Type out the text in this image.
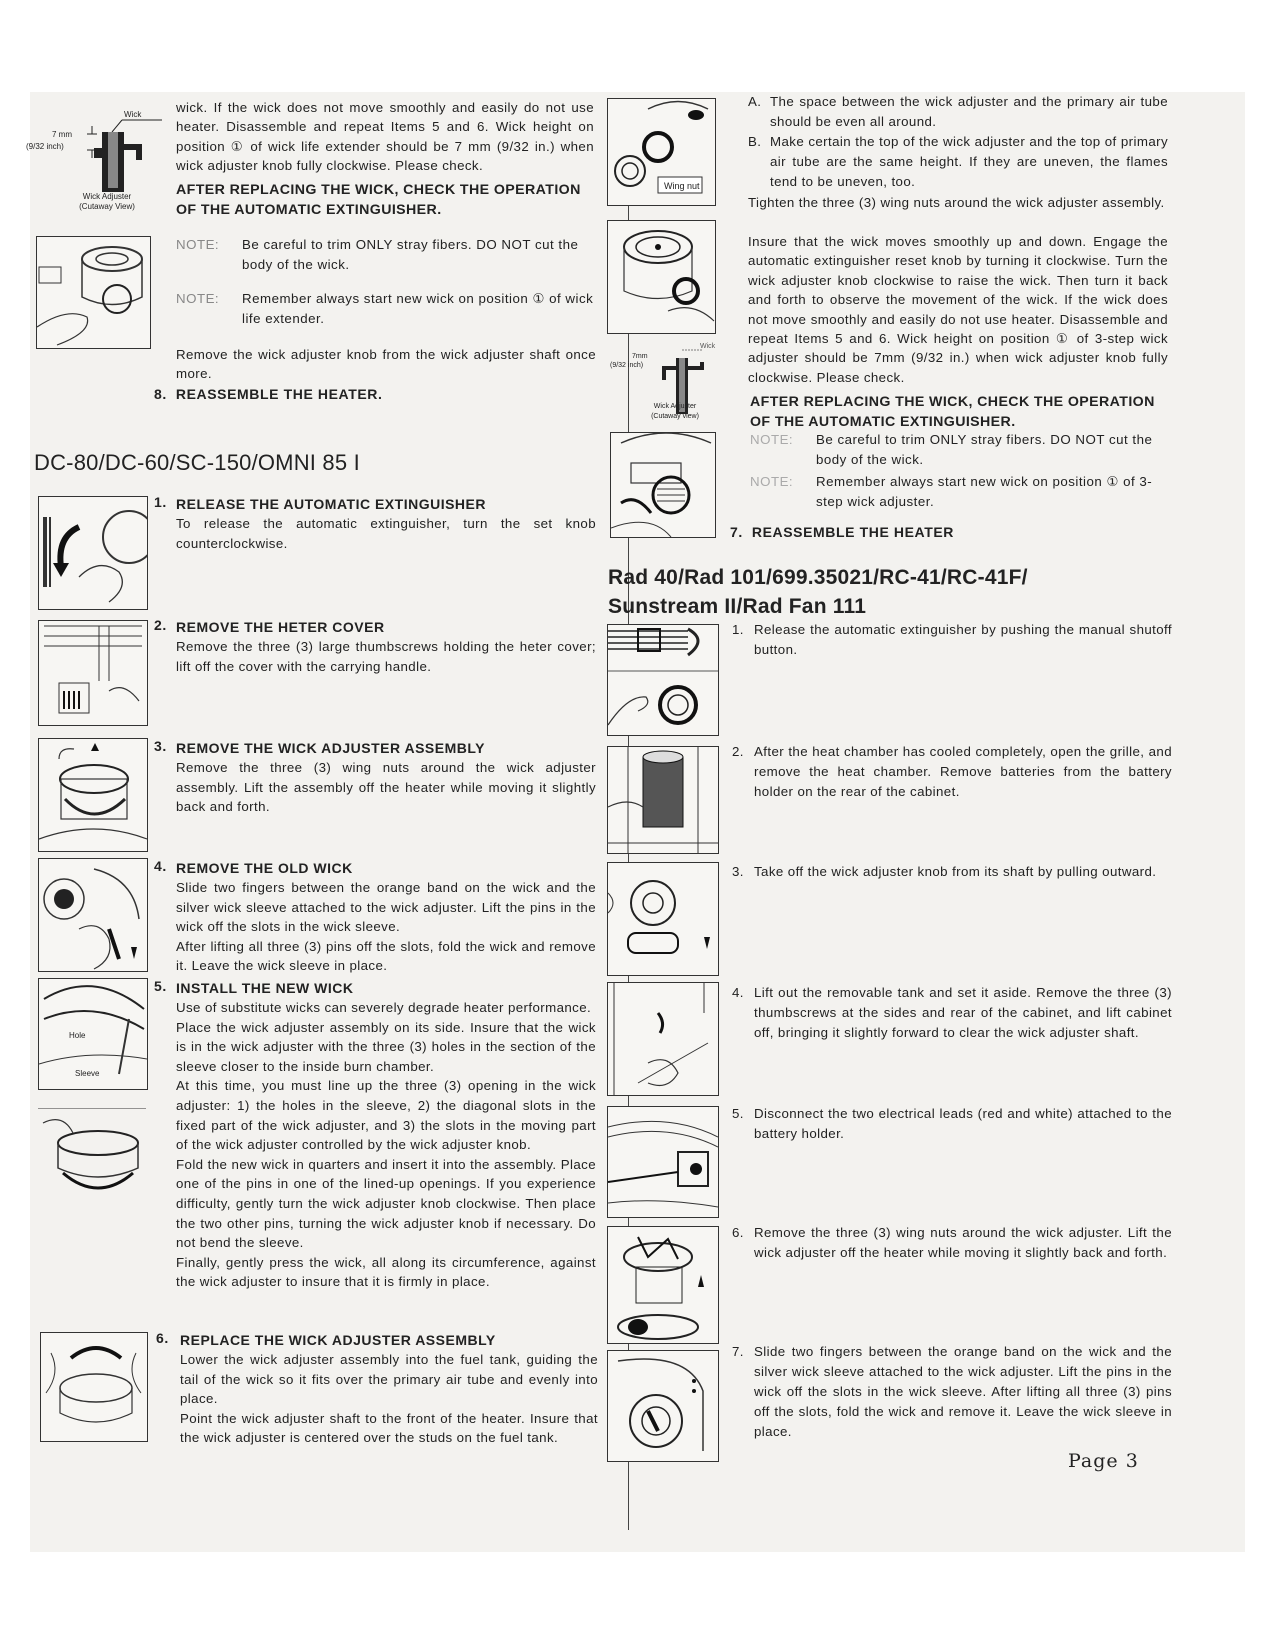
Wick
7 mm
(9/32 inch)
Wick Adjuster
(Cutaway View)
wick. If the wick does not move smoothly and easily do not use heater. Disassemble and repeat Items 5 and 6. Wick height on position ① of wick life extender should be 7 mm (9/32 in.) when wick adjuster knob fully clockwise. Please check.
AFTER REPLACING THE WICK, CHECK THE OPERATION OF THE AUTOMATIC EXTINGUISHER.
NOTE:	Be careful to trim ONLY stray fibers. DO NOT cut the body of the wick.
NOTE:	Remember always start new wick on position ① of wick life extender.
Remove the wick adjuster knob from the wick adjuster shaft once more.
8. REASSEMBLE THE HEATER.
DC-80/DC-60/SC-150/OMNI 85 I
1. RELEASE THE AUTOMATIC EXTINGUISHER
To release the automatic extinguisher, turn the set knob counterclockwise.
2. REMOVE THE HETER COVER
Remove the three (3) large thumbscrews holding the heter cover; lift off the cover with the carrying handle.
3. REMOVE THE WICK ADJUSTER ASSEMBLY
Remove the three (3) wing nuts around the wick adjuster assembly. Lift the assembly off the heater while moving it slightly back and forth.
4. REMOVE THE OLD WICK
Slide two fingers between the orange band on the wick and the silver wick sleeve attached to the wick adjuster. Lift the pins in the wick off the slots in the wick sleeve.
After lifting all three (3) pins off the slots, fold the wick and remove it. Leave the wick sleeve in place.
Hole
Sleeve
5. INSTALL THE NEW WICK
Use of substitute wicks can severely degrade heater performance.
Place the wick adjuster assembly on its side. Insure that the wick is in the wick adjuster with the three (3) holes in the section of the sleeve closer to the inside burn chamber.
At this time, you must line up the three (3) opening in the wick adjuster: 1) the holes in the sleeve, 2) the diagonal slots in the fixed part of the wick adjuster, and 3) the slots in the moving part of the wick adjuster controlled by the wick adjuster knob.
Fold the new wick in quarters and insert it into the assembly. Place one of the pins in one of the lined-up openings. If you experience difficulty, gently turn the wick adjuster knob clockwise. Then place the two other pins, turning the wick adjuster knob if necessary. Do not bend the sleeve.
Finally, gently press the wick, all along its circumference, against the wick adjuster to insure that it is firmly in place.
6. REPLACE THE WICK ADJUSTER ASSEMBLY
Lower the wick adjuster assembly into the fuel tank, guiding the tail of the wick so it fits over the primary air tube and evenly into place.
Point the wick adjuster shaft to the front of the heater. Insure that the wick adjuster is centered over the studs on the fuel tank.
Wing nut
A. The space between the wick adjuster and the primary air tube should be even all around.
B. Make certain the top of the wick adjuster and the top of primary air tube are the same height. If they are uneven, the flames tend to be uneven, too.
Tighten the three (3) wing nuts around the wick adjuster assembly.
Insure that the wick moves smoothly up and down. Engage the automatic extinguisher reset knob by turning it clockwise. Turn the wick adjuster knob clockwise to raise the wick. Then turn it back and forth to observe the movement of the wick. If the wick does not move smoothly and easily do not use heater. Disassemble and repeat Items 5 and 6. Wick height on position ① of 3-step wick adjuster should be 7mm (9/32 in.) when wick adjuster knob fully clockwise. Please check.
Wick
7mm
(9/32 inch)
Wick Adjuster
(Cutaway view)
AFTER REPLACING THE WICK, CHECK THE OPERATION OF THE AUTOMATIC EXTINGUISHER.
NOTE:	Be careful to trim ONLY stray fibers. DO NOT cut the body of the wick.
NOTE:	Remember always start new wick on position ① of 3-step wick adjuster.
7. REASSEMBLE THE HEATER
Rad 40/Rad 101/699.35021/RC-41/RC-41F/
Sunstream II/Rad Fan 111
1. Release the automatic extinguisher by pushing the manual shutoff button.
2. After the heat chamber has cooled completely, open the grille, and remove the heat chamber. Remove batteries from the battery holder on the rear of the cabinet.
3. Take off the wick adjuster knob from its shaft by pulling outward.
4. Lift out the removable tank and set it aside. Remove the three (3) thumbscrews at the sides and rear of the cabinet, and lift cabinet off, bringing it slightly forward to clear the wick adjuster shaft.
5. Disconnect the two electrical leads (red and white) attached to the battery holder.
6. Remove the three (3) wing nuts around the wick adjuster. Lift the wick adjuster off the heater while moving it slightly back and forth.
7. Slide two fingers between the orange band on the wick and the silver wick sleeve attached to the wick adjuster. Lift the pins in the wick off the slots in the wick sleeve. After lifting all three (3) pins off the slots, fold the wick and remove it. Leave the wick sleeve in place.
Page 3
